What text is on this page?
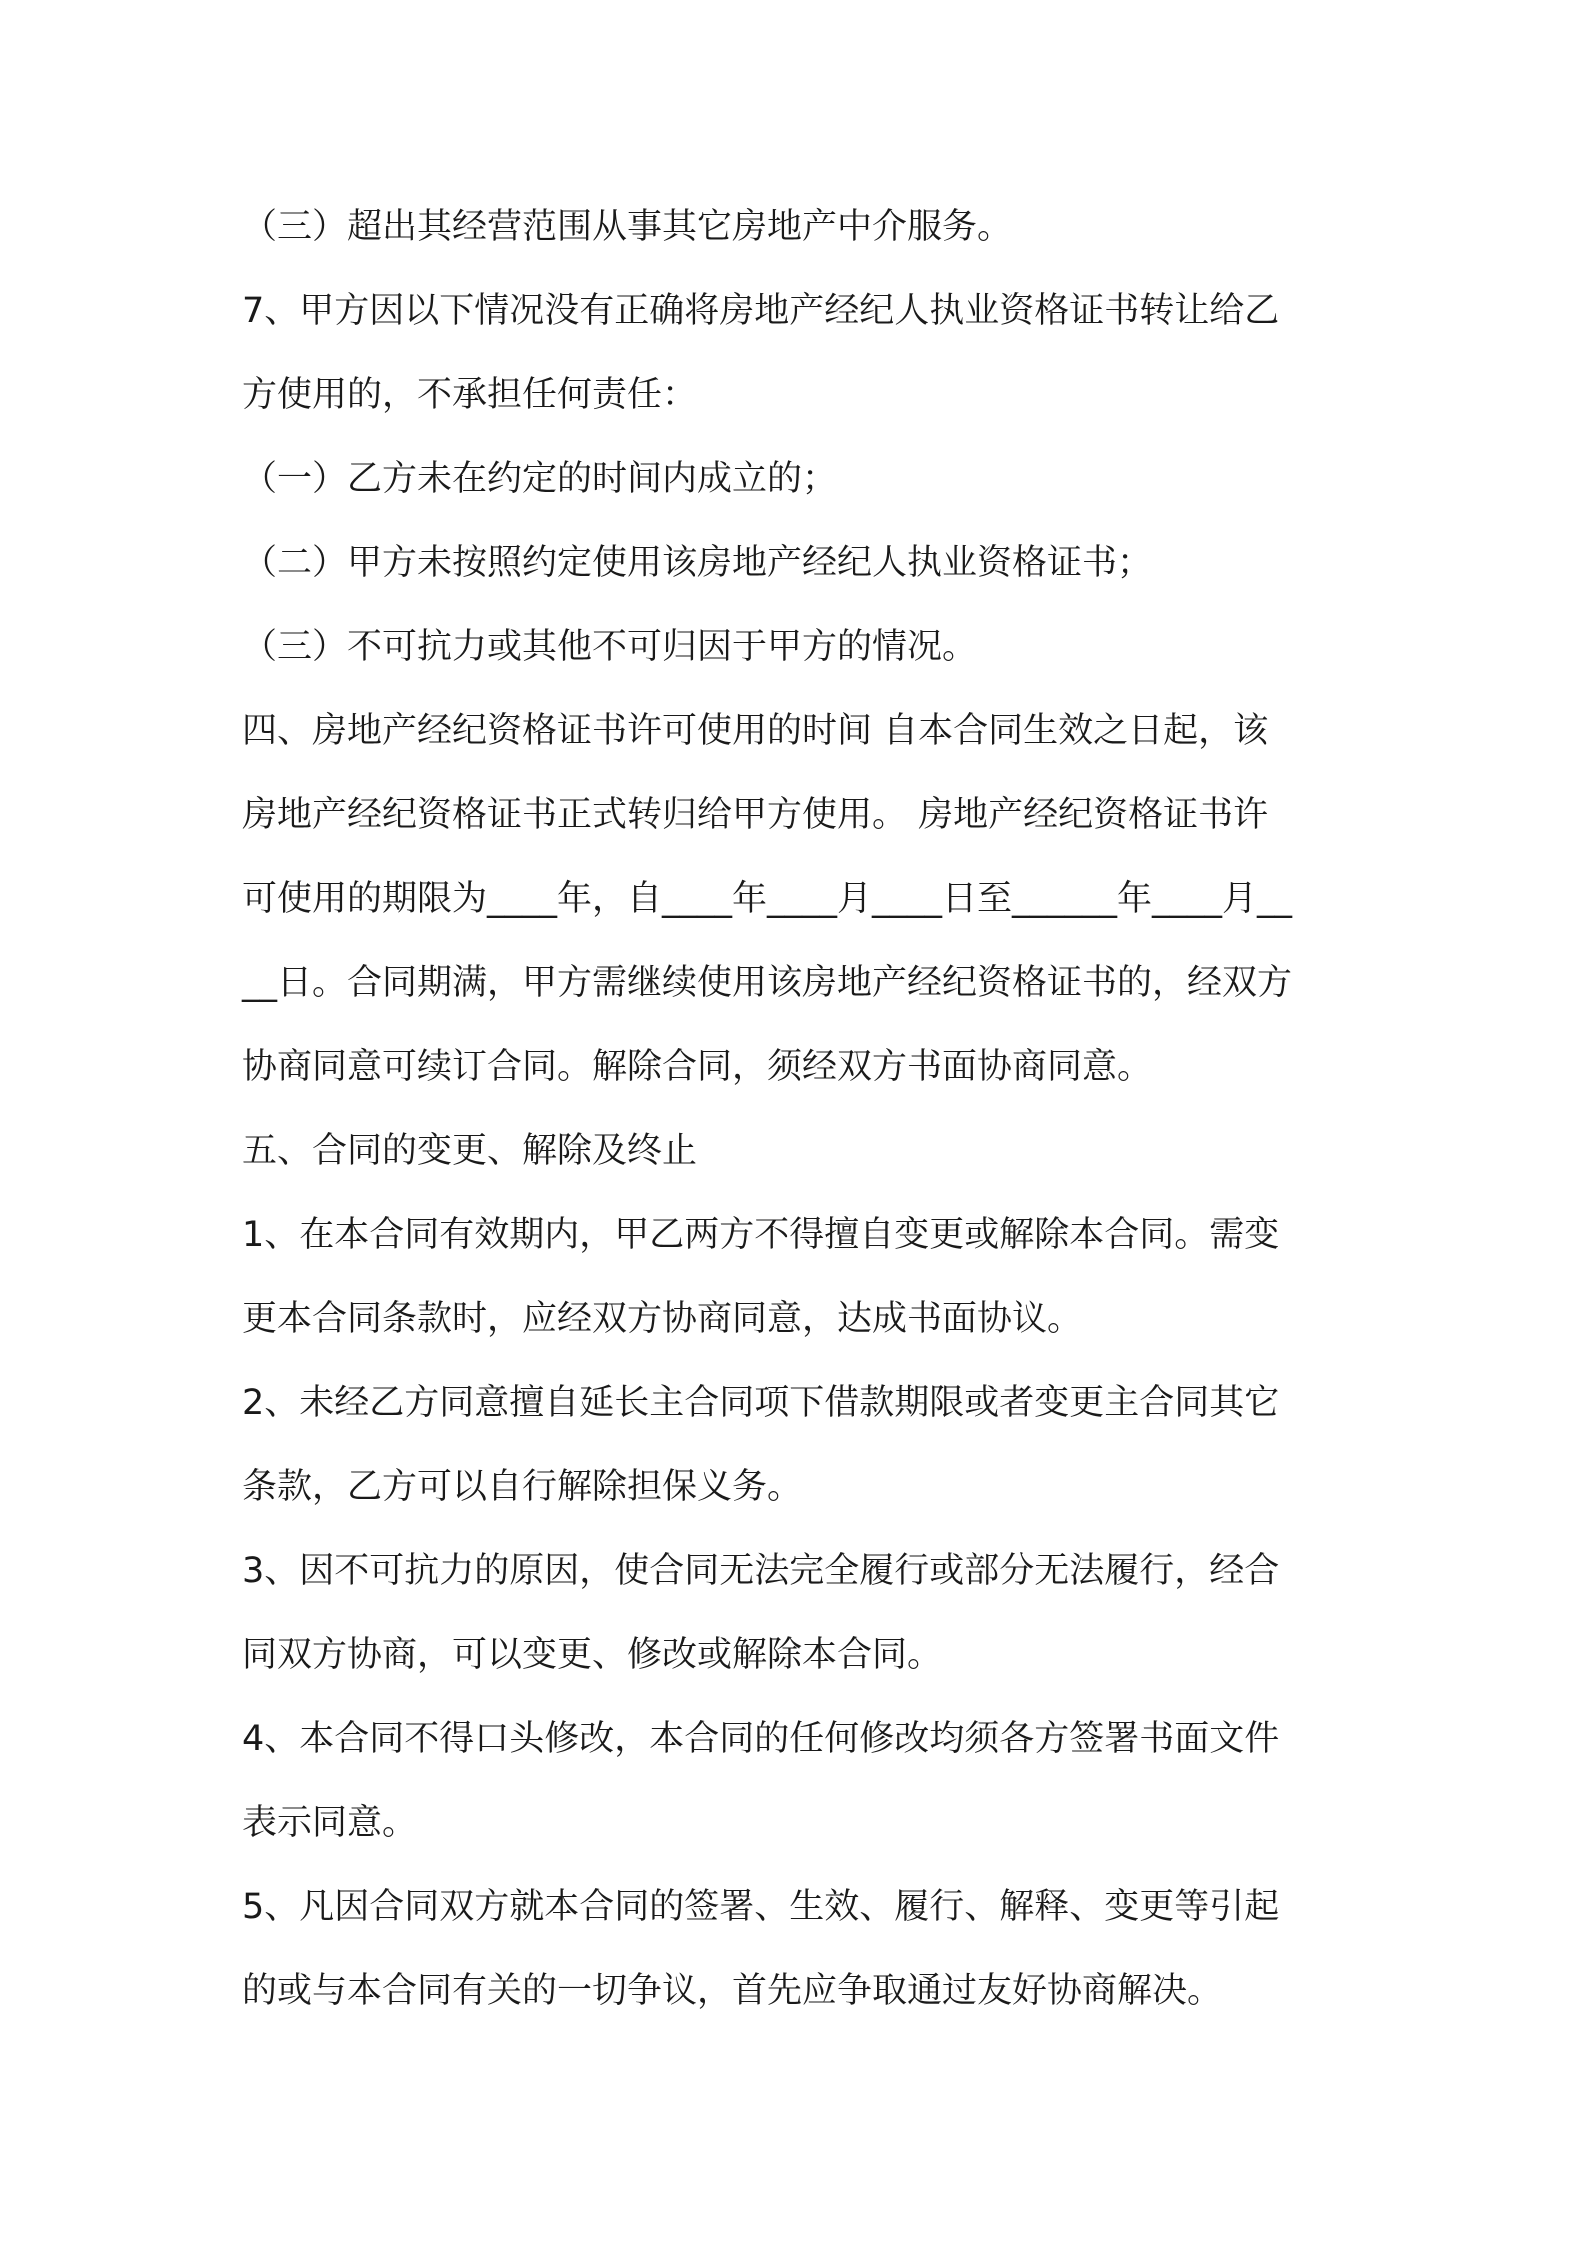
（三）超出其经营范围从事其它房地产中介服务。
7、甲方因以下情况没有正确将房地产经纪人执业资格证书转让给乙
方使用的，不承担任何责任：
（一）乙方未在约定的时间内成立的；
（二）甲方未按照约定使用该房地产经纪人执业资格证书；
（三）不可抗力或其他不可归因于甲方的情况。
四、房地产经纪资格证书许可使用的时间 自本合同生效之日起，该
房地产经纪资格证书正式转归给甲方使用。 房地产经纪资格证书许
可使用的期限为____年，自____年____月____日至______年____月__
__日。合同期满，甲方需继续使用该房地产经纪资格证书的，经双方
协商同意可续订合同。解除合同，须经双方书面协商同意。
五、合同的变更、解除及终止
1、在本合同有效期内，甲乙两方不得擅自变更或解除本合同。需变
更本合同条款时，应经双方协商同意，达成书面协议。
2、未经乙方同意擅自延长主合同项下借款期限或者变更主合同其它
条款，乙方可以自行解除担保义务。
3、因不可抗力的原因，使合同无法完全履行或部分无法履行，经合
同双方协商，可以变更、修改或解除本合同。
4、本合同不得口头修改，本合同的任何修改均须各方签署书面文件
表示同意。
5、凡因合同双方就本合同的签署、生效、履行、解释、变更等引起
的或与本合同有关的一切争议，首先应争取通过友好协商解决。
